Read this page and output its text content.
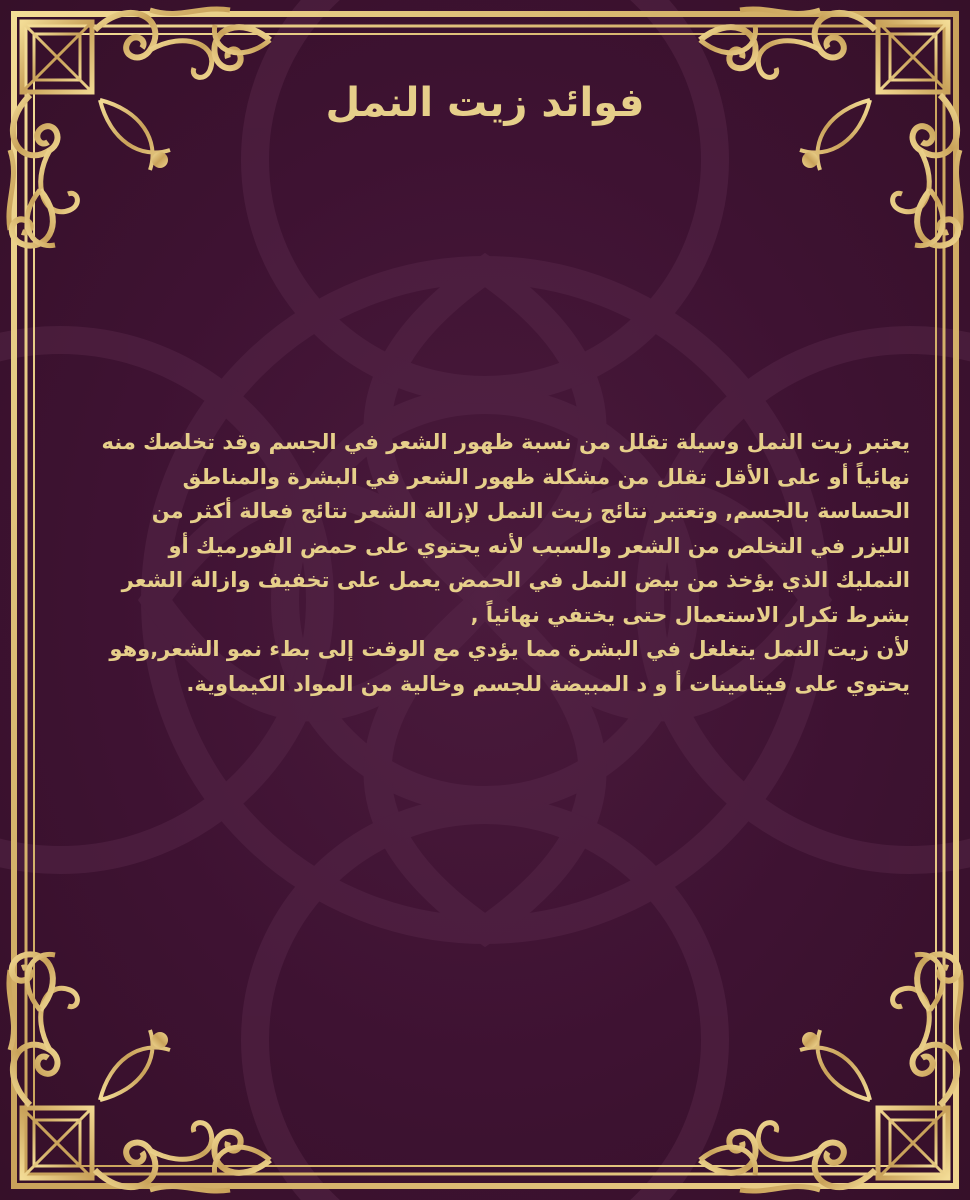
فوائد زيت النمل
يعتبر زيت النمل وسيلة تقلل من نسبة ظهور الشعر في الجسم وقد تخلصك منه نهائياً أو على الأقل تقلل من مشكلة ظهور الشعر في البشرة والمناطق الحساسة بالجسم, وتعتبر نتائج زيت النمل لإزالة الشعر نتائج فعالة أكثر من الليزر في التخلص من الشعر والسبب لأنه يحتوي على حمض الفورميك أو النمليك الذي يؤخذ من بيض النمل في الحمض يعمل على تخفيف وازالة الشعر بشرط تكرار الاستعمال حتى يختفي نهائياً ,
لأن زيت النمل يتغلغل في البشرة مما يؤدي مع الوقت إلى بطء نمو الشعر,وهو يحتوي على فيتامينات أ و د المبيضة للجسم وخالية من المواد الكيماوية.
